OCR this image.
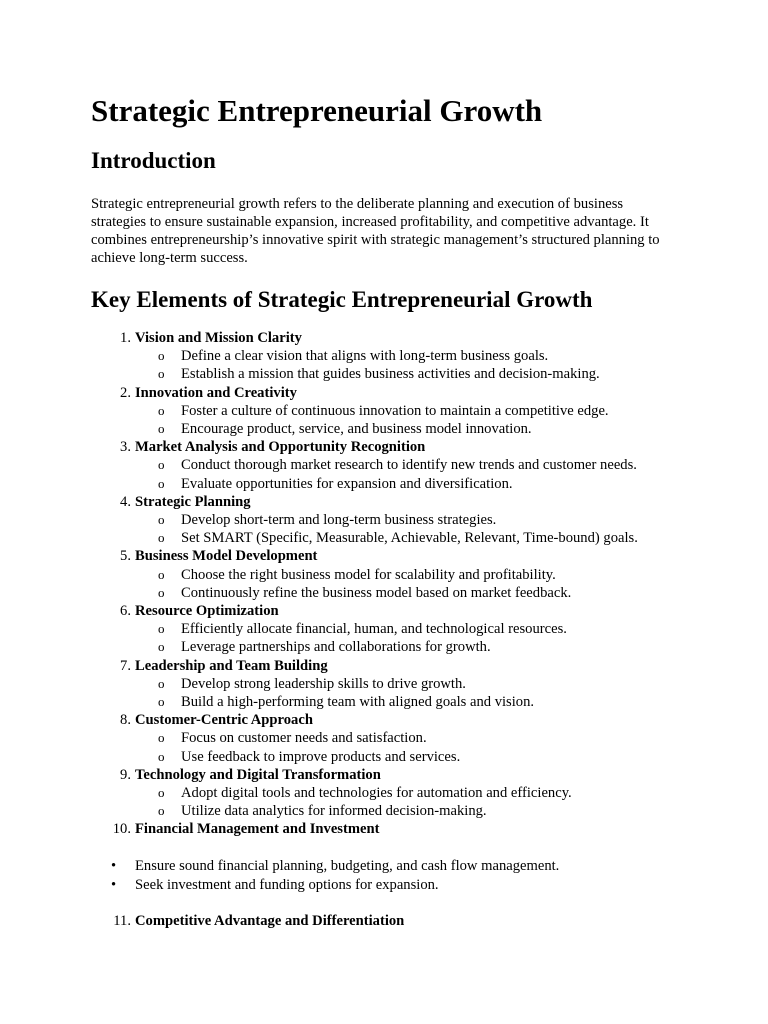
Strategic Entrepreneurial Growth
Introduction

Strategic entrepreneurial growth refers to the deliberate planning and execution of business strategies to ensure sustainable expansion, increased profitability, and competitive advantage. It combines entrepreneurship’s innovative spirit with strategic management’s structured planning to achieve long-term success.

Key Elements of Strategic Entrepreneurial Growth
1. Vision and Mission Clarity
o Define a clear vision that aligns with long-term business goals.
o Establish a mission that guides business activities and decision-making.
2. Innovation and Creativity
o Foster a culture of continuous innovation to maintain a competitive edge.
o Encourage product, service, and business model innovation.
3. Market Analysis and Opportunity Recognition
o Conduct thorough market research to identify new trends and customer needs.
o Evaluate opportunities for expansion and diversification.
4. Strategic Planning
o Develop short-term and long-term business strategies.
o Set SMART (Specific, Measurable, Achievable, Relevant, Time-bound) goals.
5. Business Model Development
o Choose the right business model for scalability and profitability.
o Continuously refine the business model based on market feedback.
6. Resource Optimization
o Efficiently allocate financial, human, and technological resources.
o Leverage partnerships and collaborations for growth.
7. Leadership and Team Building
o Develop strong leadership skills to drive growth.
o Build a high-performing team with aligned goals and vision.
8. Customer-Centric Approach
o Focus on customer needs and satisfaction.
o Use feedback to improve products and services.
9. Technology and Digital Transformation
o Adopt digital tools and technologies for automation and efficiency.
o Utilize data analytics for informed decision-making.
10. Financial Management and Investment
• Ensure sound financial planning, budgeting, and cash flow management.
• Seek investment and funding options for expansion.
11. Competitive Advantage and Differentiation
